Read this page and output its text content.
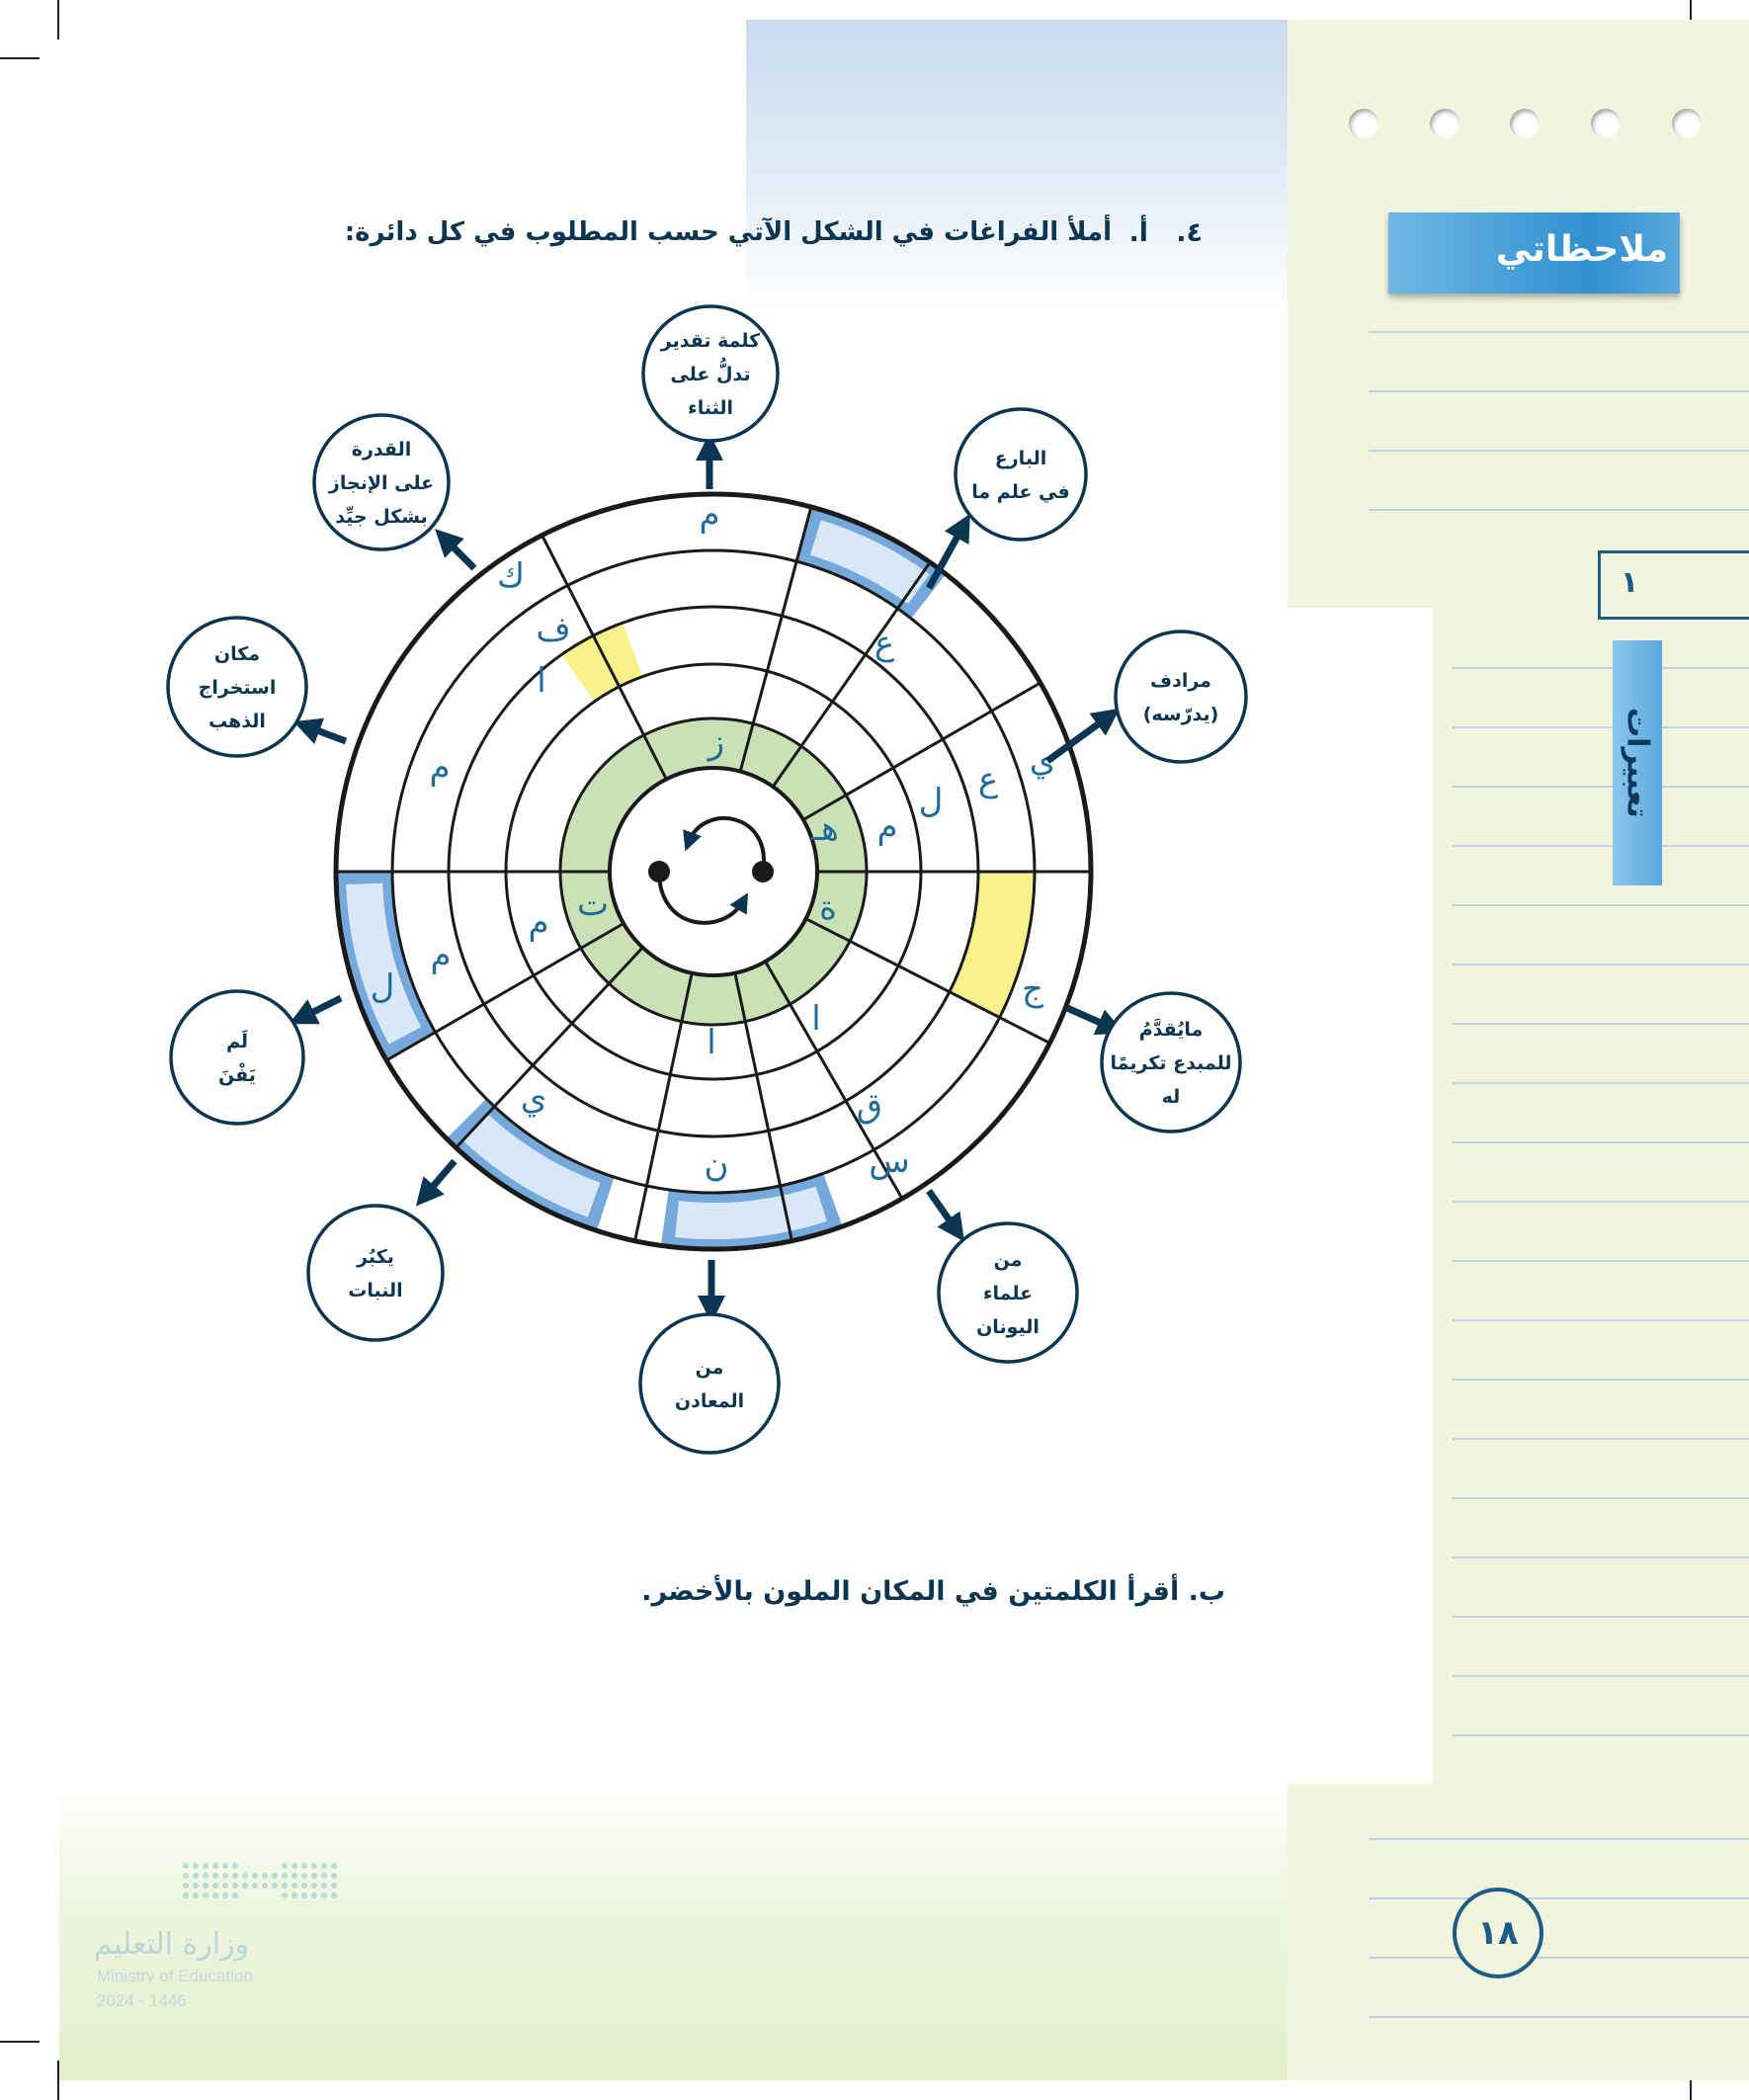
ملاحظاتي
١
تعبيرات
١٨
وزارة التعليم
Ministry of Education
2024 - 1446
٤.
أ.
أملأ الفراغات في الشكل الآتي حسب المطلوب في كل دائرة:
ب. أقرأ الكلمتين في المكان الملون بالأخضر.
م
ع
ي
ع
ل
م
هـ
ة
ج
ا
ق
س
ن
ا
ي
ل
م
م
ت
م
ا
ف
ك
ز
كلمة تقدير
تدلُّ على
الثناء
البارع
في علم ما
مرادف
(يدرّسه)
مايُقدَّمُ
للمبدع تكريمًا
له
من
علماء
اليونان
من
المعادن
يكبُر
النبات
لَم
يَفْنَ
مكان
استخراج
الذهب
القدرة
على الإنجاز
بشكل جيِّد
